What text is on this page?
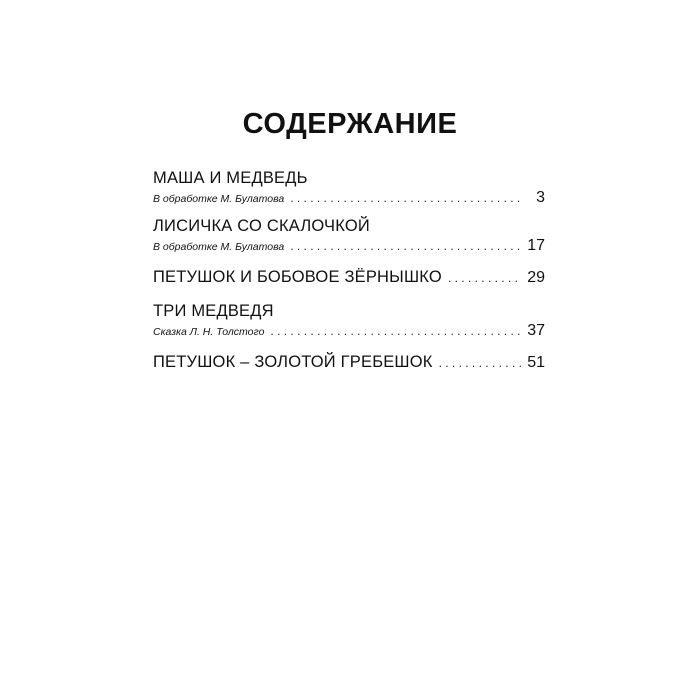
СОДЕРЖАНИЕ
МАША И МЕДВЕДЬ
В обработке М. Булатова . . .	3
ЛИСИЧКА СО СКАЛОЧКОЙ
В обработке М. Булатова . . .	17
ПЕТУШОК И БОБОВОЕ ЗЁРНЫШКО . . .	29
ТРИ МЕДВЕДЯ
Сказка Л. Н. Толстого . . .	37
ПЕТУШОК – ЗОЛОТОЙ ГРЕБЕШОК . . .	51
